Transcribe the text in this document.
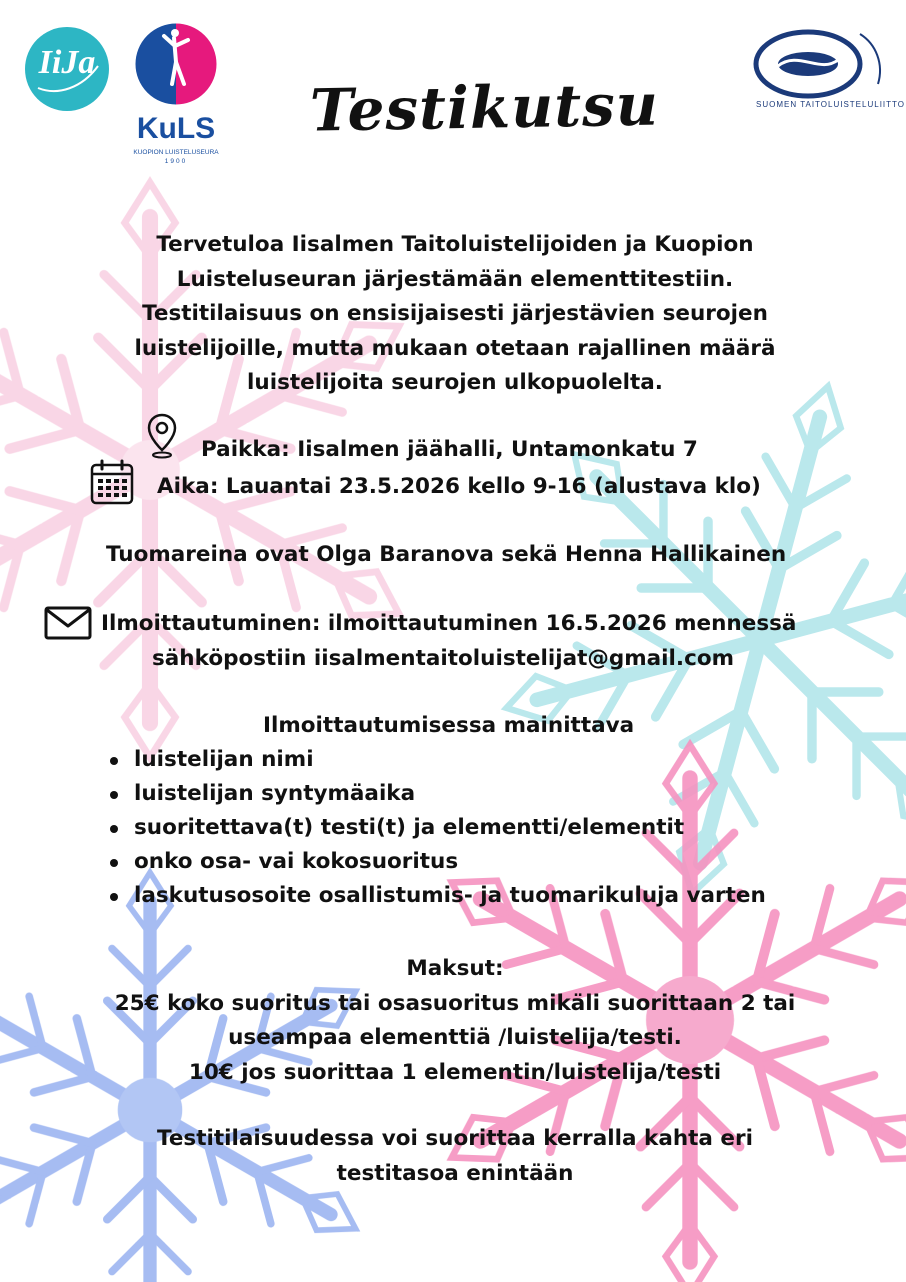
IiJa
KuLS
KUOPION LUISTELUSEURA
1900
SUOMEN TAITOLUISTELULIITTO
Testikutsu
Tervetuloa Iisalmen Taitoluistelijoiden ja Kuopion
Luisteluseuran järjestämään elementtitestiin.
Testitilaisuus on ensisijaisesti järjestävien seurojen
luistelijoille, mutta mukaan otetaan rajallinen määrä
luistelijoita seurojen ulkopuolelta.
Paikka: Iisalmen jäähalli, Untamonkatu 7
Aika: Lauantai 23.5.2026 kello 9-16 (alustava klo)
Tuomareina ovat Olga Baranova sekä Henna Hallikainen
Ilmoittautuminen: ilmoittautuminen 16.5.2026 mennessä
sähköpostiin iisalmentaitoluistelijat@gmail.com
Ilmoittautumisessa mainittava
luistelijan nimi
luistelijan syntymäaika
suoritettava(t) testi(t) ja elementti/elementit
onko osa- vai kokosuoritus
laskutusosoite osallistumis- ja tuomarikuluja varten
Maksut:
25€ koko suoritus tai osasuoritus mikäli suorittaan 2 tai
useampaa elementtiä /luistelija/testi.
10€ jos suorittaa 1 elementin/luistelija/testi
Testitilaisuudessa voi suorittaa kerralla kahta eri
testitasoa enintään
